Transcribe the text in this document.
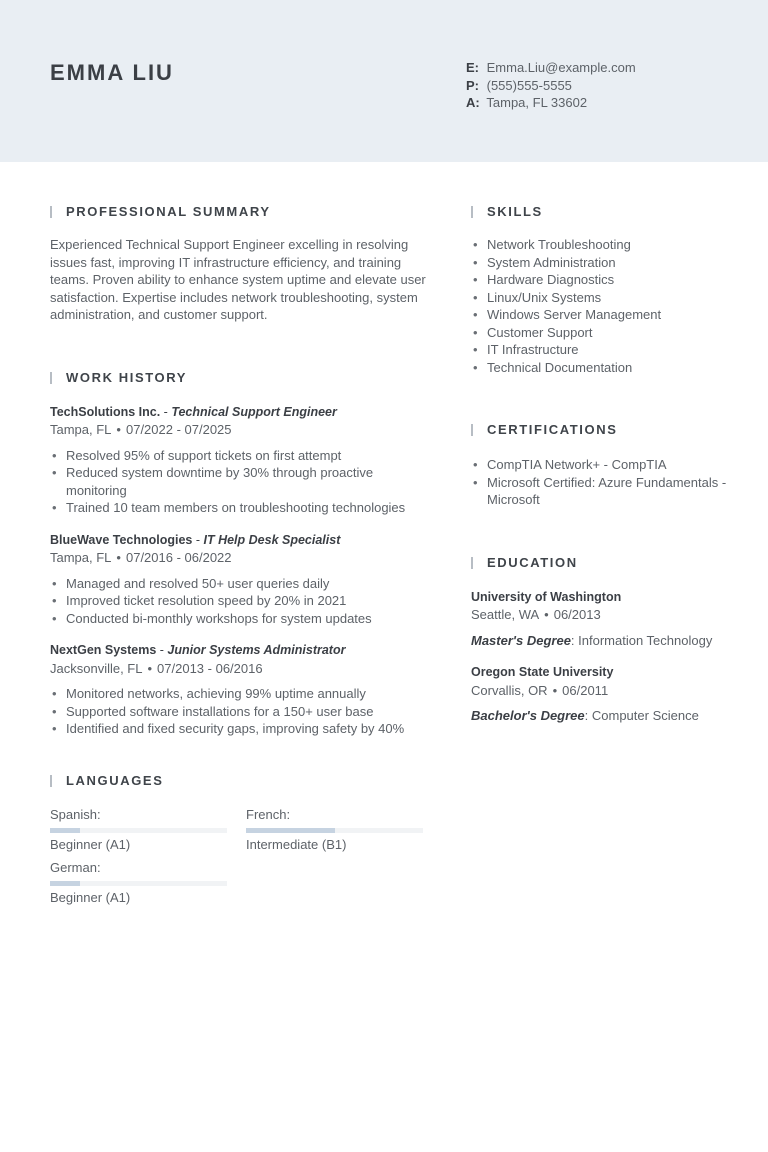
EMMA LIU	E: Emma.Liu@example.com
P: (555)555-5555
A: Tampa, FL 33602
PROFESSIONAL SUMMARY

Experienced Technical Support Engineer excelling in resolving issues fast, improving IT infrastructure efficiency, and training teams. Proven ability to enhance system uptime and elevate user satisfaction. Expertise includes network troubleshooting, system administration, and customer support.

WORK HISTORY
TechSolutions Inc. - Technical Support Engineer
Tampa, FL • 07/2022 - 07/2025
• Resolved 95% of support tickets on first attempt
• Reduced system downtime by 30% through proactive monitoring
• Trained 10 team members on troubleshooting technologies
BlueWave Technologies - IT Help Desk Specialist
Tampa, FL • 07/2016 - 06/2022
• Managed and resolved 50+ user queries daily
• Improved ticket resolution speed by 20% in 2021
• Conducted bi-monthly workshops for system updates
NextGen Systems - Junior Systems Administrator
Jacksonville, FL • 07/2013 - 06/2016
• Monitored networks, achieving 99% uptime annually
• Supported software installations for a 150+ user base
• Identified and fixed security gaps, improving safety by 40%
LANGUAGES
Spanish:
Beginner (A1)
French:
Intermediate (B1)
German:
Beginner (A1)
SKILLS
• Network Troubleshooting
• System Administration
• Hardware Diagnostics
• Linux/Unix Systems
• Windows Server Management
• Customer Support
• IT Infrastructure
• Technical Documentation
CERTIFICATIONS
• CompTIA Network+ - CompTIA
• Microsoft Certified: Azure Fundamentals - Microsoft
EDUCATION
University of Washington
Seattle, WA • 06/2013
Master's Degree: Information Technology
Oregon State University
Corvallis, OR • 06/2011
Bachelor's Degree: Computer Science
